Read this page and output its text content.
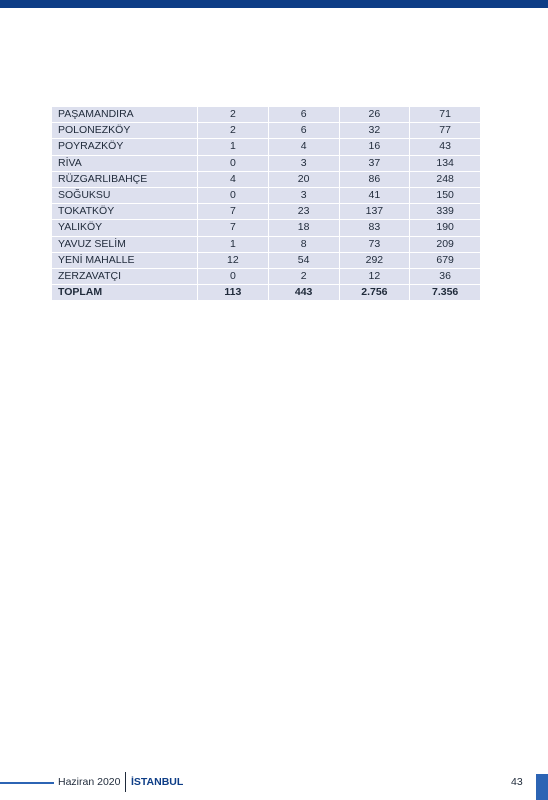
PAŞAMANDIRA	2	6	26	71
POLONEZKÖY	2	6	32	77
POYRAZKÖY	1	4	16	43
RİVA	0	3	37	134
RÜZGARLIBAHÇE	4	20	86	248
SOĞUKSU	0	3	41	150
TOKATKÖY	7	23	137	339
YALIKÖY	7	18	83	190
YAVUZ SELİM	1	8	73	209
YENİ MAHALLE	12	54	292	679
ZERZAVATÇI	0	2	12	36
TOPLAM	113	443	2.756	7.356
Haziran 2020 İSTANBUL	43
